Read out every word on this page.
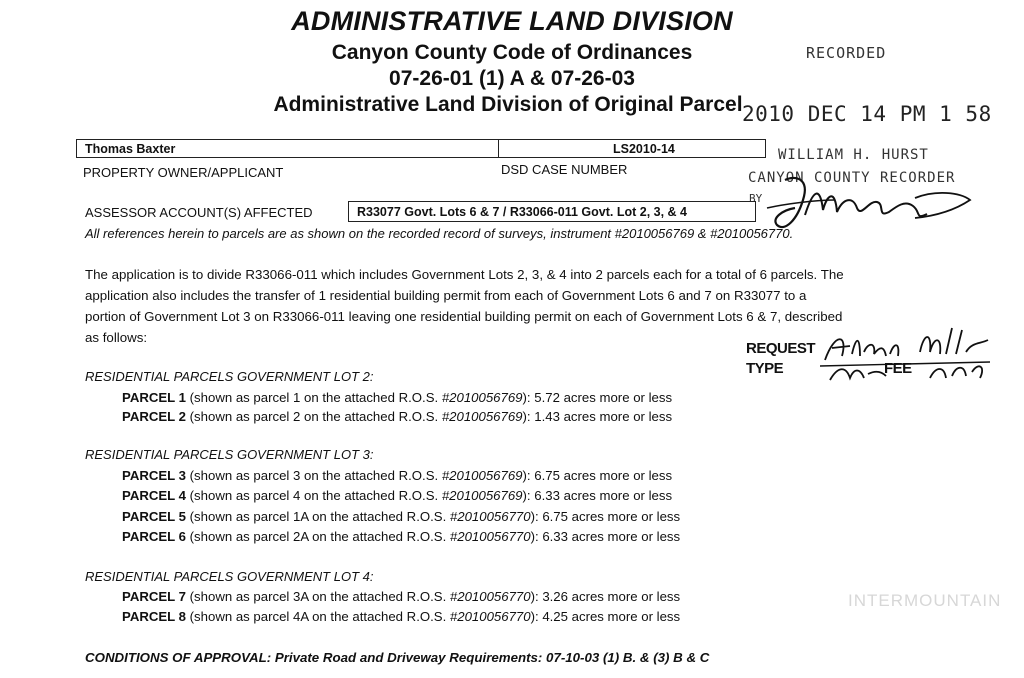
ADMINISTRATIVE LAND DIVISION
Canyon County Code of Ordinances
07-26-01 (1) A & 07-26-03
Administrative Land Division of Original Parcel
RECORDED
2010 DEC 14 PM 1 58
WILLIAM H. HURST
CANYON COUNTY RECORDER
BY
Thomas Baxter	LS2010-14
PROPERTY OWNER/APPLICANT	DSD CASE NUMBER
ASSESSOR ACCOUNT(S) AFFECTED	R33077 Govt. Lots 6 & 7 / R33066-011 Govt. Lot 2, 3, & 4
All references herein to parcels are as shown on the recorded record of surveys, instrument #2010056769 & #2010056770.
The application is to divide R33066-011 which includes Government Lots 2, 3, & 4 into 2 parcels each for a total of 6 parcels. The
application also includes the transfer of 1 residential building permit from each of Government Lots 6 and 7 on R33077 to a
portion of Government Lot 3 on R33066-011 leaving one residential building permit on each of Government Lots 6 & 7, described
as follows:
REQUEST
TYPE	FEE
RESIDENTIAL PARCELS GOVERNMENT LOT 2:
PARCEL 1 (shown as parcel 1 on the attached R.O.S. #2010056769): 5.72 acres more or less
PARCEL 2 (shown as parcel 2 on the attached R.O.S. #2010056769): 1.43 acres more or less
RESIDENTIAL PARCELS GOVERNMENT LOT 3:
PARCEL 3 (shown as parcel 3 on the attached R.O.S. #2010056769): 6.75 acres more or less
PARCEL 4 (shown as parcel 4 on the attached R.O.S. #2010056769): 6.33 acres more or less
PARCEL 5 (shown as parcel 1A on the attached R.O.S. #2010056770): 6.75 acres more or less
PARCEL 6 (shown as parcel 2A on the attached R.O.S. #2010056770): 6.33 acres more or less
RESIDENTIAL PARCELS GOVERNMENT LOT 4:
PARCEL 7 (shown as parcel 3A on the attached R.O.S. #2010056770): 3.26 acres more or less
PARCEL 8 (shown as parcel 4A on the attached R.O.S. #2010056770): 4.25 acres more or less
CONDITIONS OF APPROVAL: Private Road and Driveway Requirements: 07-10-03 (1) B. & (3) B & C
INTERMOUNTAIN
